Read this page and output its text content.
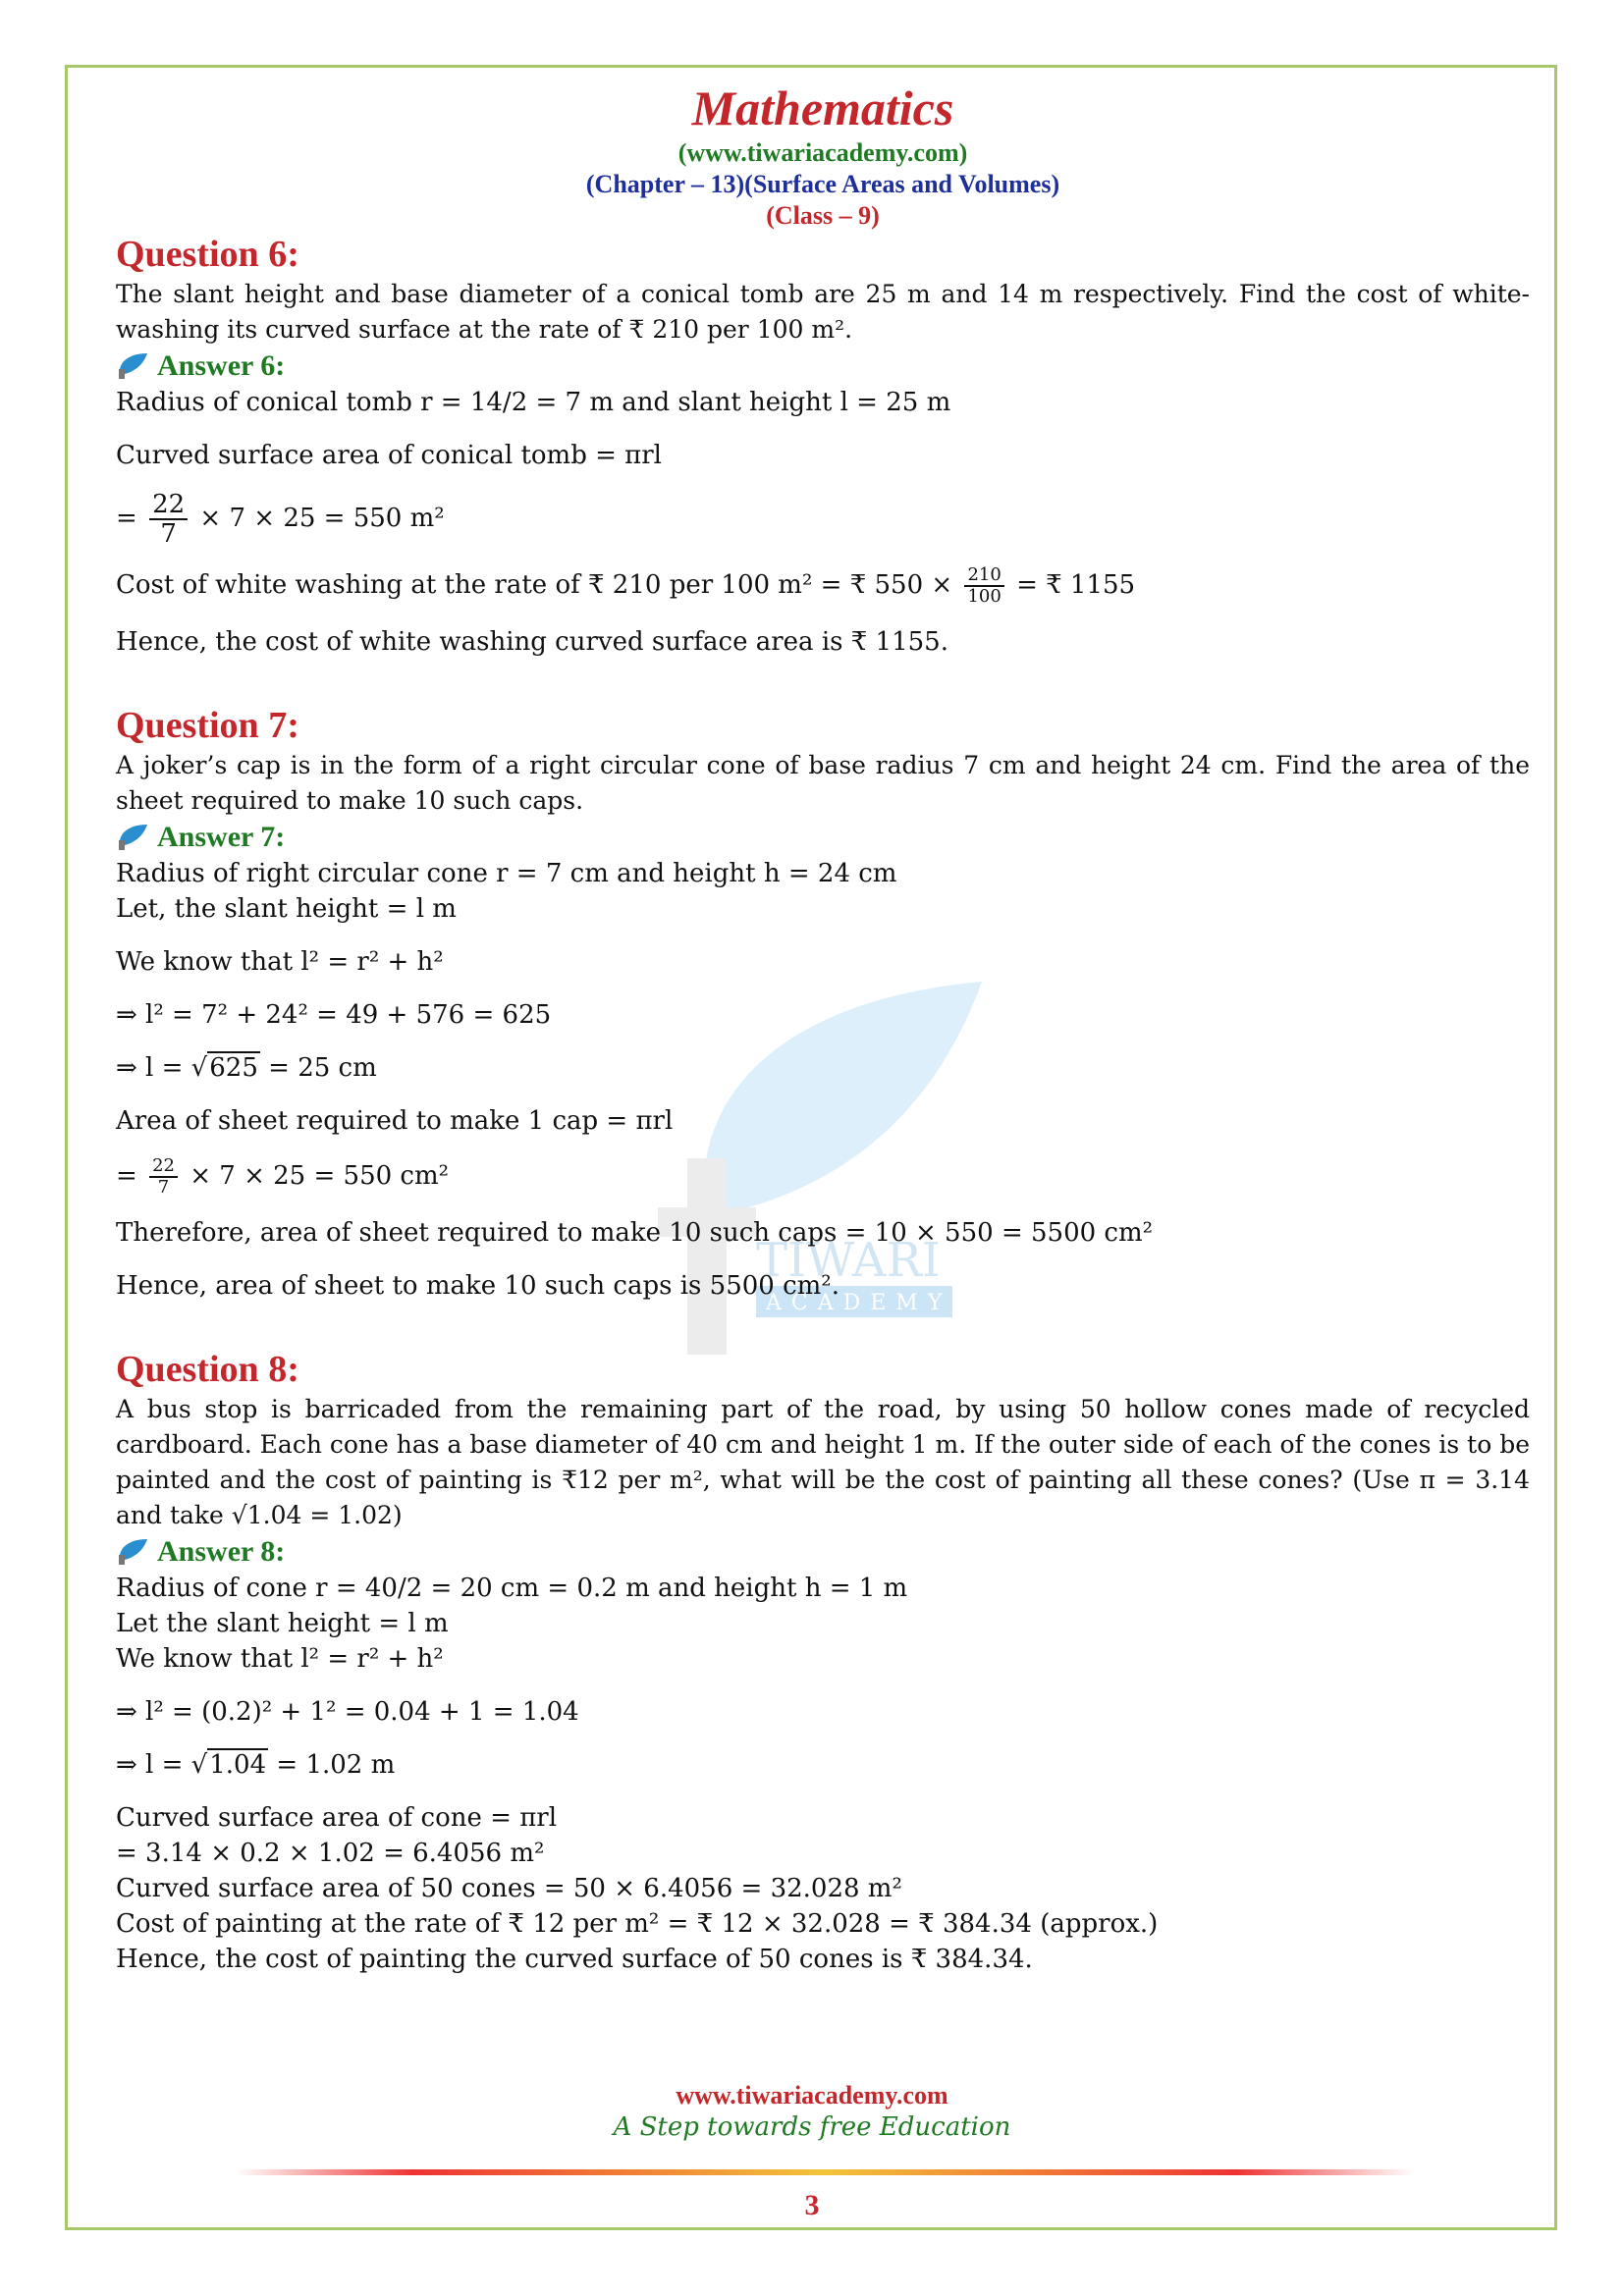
TIWARI
ACADEMY
Mathematics
(www.tiwariacademy.com)
(Chapter – 13)(Surface Areas and Volumes)
(Class – 9)
Question 6:

The slant height and base diameter of a conical tomb are 25 m and 14 m respectively. Find the cost of white-washing its curved surface at the rate of ₹ 210 per 100 m².

Answer 6:

Radius of conical tomb r = 14/2 = 7 m and slant height l = 25 m

Curved surface area of conical tomb = πrl

= $\frac{22}{7} \times 7 \times 25 = 550$ m²

Cost of white washing at the rate of ₹ 210 per 100 m² = ₹ $550 \times \frac{210}{100}$ = ₹ 1155

Hence, the cost of white washing curved surface area is ₹ 1155.

Question 7:

A joker’s cap is in the form of a right circular cone of base radius 7 cm and height 24 cm. Find the area of the sheet required to make 10 such caps.

Answer 7:

Radius of right circular cone r = 7 cm and height h = 24 cm

Let, the slant height = l m

We know that l² = r² + h²

⇒ l² = 7² + 24² = 49 + 576 = 625

⇒ l = √625 = 25 cm

Area of sheet required to make 1 cap = πrl

= $\frac{22}{7} \times 7 \times 25 = 550$ cm²

Therefore, area of sheet required to make 10 such caps = 10 × 550 = 5500 cm²

Hence, area of sheet to make 10 such caps is 5500 cm².

Question 8:

A bus stop is barricaded from the remaining part of the road, by using 50 hollow cones made of recycled cardboard. Each cone has a base diameter of 40 cm and height 1 m. If the outer side of each of the cones is to be painted and the cost of painting is ₹12 per m², what will be the cost of painting all these cones? (Use π = 3.14 and take √1.04 = 1.02)

Answer 8:

Radius of cone r = 40/2 = 20 cm = 0.2 m and height h = 1 m

Let the slant height = l m

We know that l² = r² + h²

⇒ l² = (0.2)² + 1² = 0.04 + 1 = 1.04

⇒ l = √1.04 = 1.02 m

Curved surface area of cone = πrl

= 3.14 × 0.2 × 1.02 = 6.4056 m²

Curved surface area of 50 cones = 50 × 6.4056 = 32.028 m²

Cost of painting at the rate of ₹ 12 per m² = ₹ 12 × 32.028 = ₹ 384.34 (approx.)

Hence, the cost of painting the curved surface of 50 cones is ₹ 384.34.

www.tiwariacademy.com
A Step towards free Education
3
